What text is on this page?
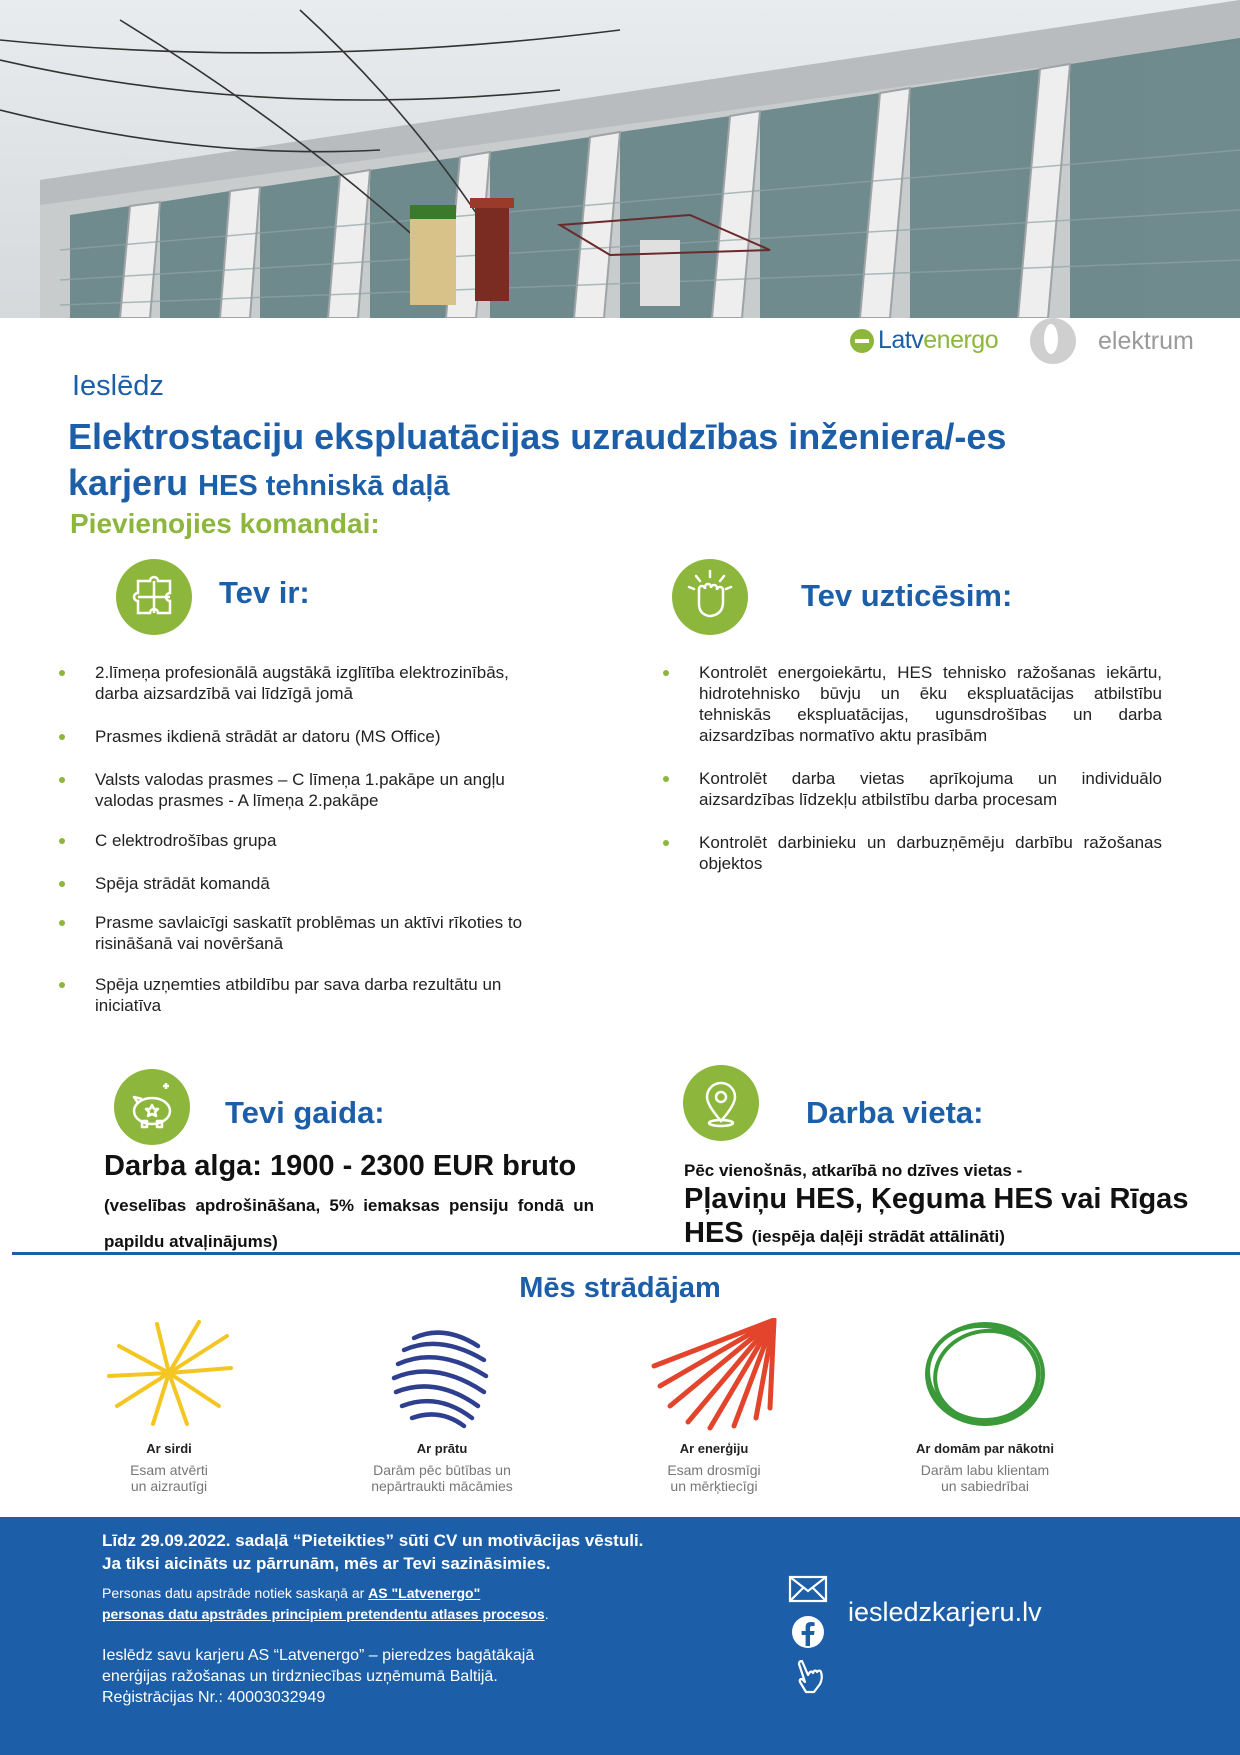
Latvenergo	elektrum
Ieslēdz
Elektrostaciju ekspluatācijas uzraudzības inženiera/-es
karjeru HES tehniskā daļā
Pievienojies komandai:
Tev ir:
2.līmeņa profesionālā augstākā izglītība elektrozinībās, darba aizsardzībā vai līdzīgā jomā
Prasmes ikdienā strādāt ar datoru (MS Office)
Valsts valodas prasmes – C līmeņa 1.pakāpe un angļu valodas prasmes - A līmeņa 2.pakāpe
C elektrodrošības grupa
Spēja strādāt komandā
Prasme savlaicīgi saskatīt problēmas un aktīvi rīkoties to risināšanā vai novēršanā
Spēja uzņemties atbildību par sava darba rezultātu un iniciatīva
Tev uzticēsim:
Kontrolēt energoiekārtu, HES tehnisko ražošanas iekārtu, hidrotehnisko būvju un ēku ekspluatācijas atbilstību tehniskās ekspluatācijas, ugunsdrošības un darba aizsardzības normatīvo aktu prasībām
Kontrolēt darba vietas aprīkojuma un individuālo aizsardzības līdzekļu atbilstību darba procesam
Kontrolēt darbinieku un darbuzņēmēju darbību ražošanas objektos
Tevi gaida:
Darba alga: 1900 - 2300 EUR bruto
(veselības apdrošināšana, 5% iemaksas pensiju fondā un papildu atvaļinājums)
Darba vieta:
Pēc vienošnās, atkarībā no dzīves vietas -
Pļaviņu HES, Ķeguma HES vai Rīgas HES (iespēja daļēji strādāt attālināti)
Mēs strādājam
Ar sirdi
Esam atvērti
un aizrautīgi
Ar prātu
Darām pēc būtības un
nepārtraukti mācāmies
Ar enerģiju
Esam drosmīgi
un mērķtiecīgi
Ar domām par nākotni
Darām labu klientam
un sabiedrībai
Līdz 29.09.2022. sadaļā “Pieteikties” sūti CV un motivācijas vēstuli.
Ja tiksi aicināts uz pārrunām, mēs ar Tevi sazināsimies.
Personas datu apstrāde notiek saskaņā ar AS "Latvenergo"
personas datu apstrādes principiem pretendentu atlases procesos.
Ieslēdz savu karjeru AS “Latvenergo” – pieredzes bagātākajā
enerģijas ražošanas un tirdzniecības uzņēmumā Baltijā.
Reģistrācijas Nr.: 40003032949
iesledzkarjeru.lv
